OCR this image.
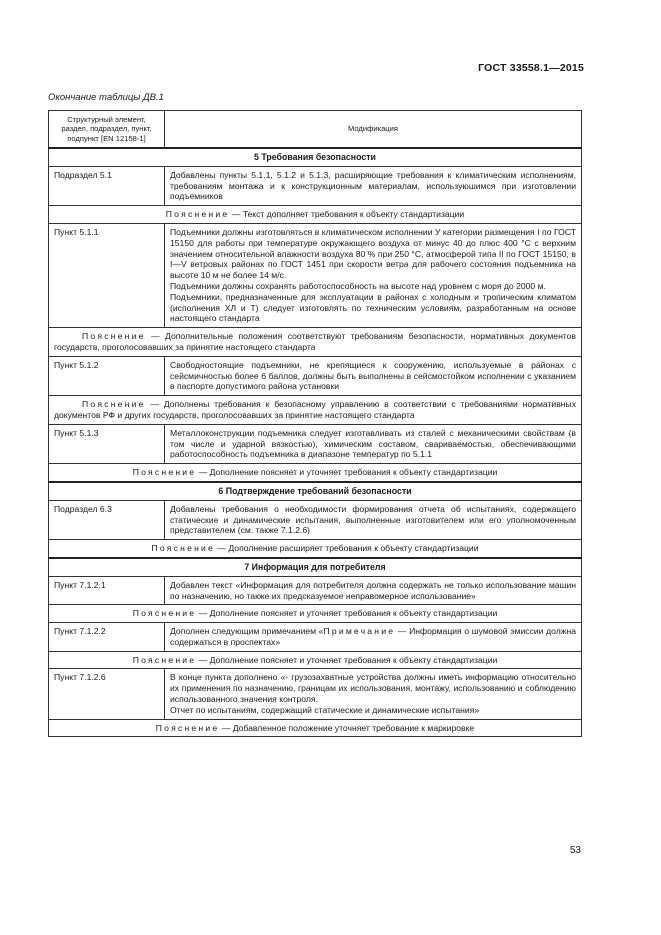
ГОСТ 33558.1—2015
Окончание таблицы ДВ.1
Структурный элемент, раздел, подраздел, пункт, подпункт [EN 12158-1]	Модификация
5 Требования безопасности	
Подраздел 5.1	Добавлены пункты 5.1.1, 5.1.2 и 5.1.3, расширяющие требования к климатическим исполнениям, требованиям монтажа и к конструкционным материалам, используюшимся при изготовлении подъемников

Пояснение — Текст дополняет требования к объекту стандартизации	
Пункт 5.1.1	Подъемники должны изготовляться в климатическом исполнении У категории размещения I по ГОСТ 15150 для работы при температуре окружающего воздуха от минус 40 до плюс 400 °С с верхним значением относительной влажности воздуха 80 % при 250 °С, атмосферой типа II по ГОСТ 15150, в I—V ветровых районах по ГОСТ 1451 при скорости ветра для рабочего состояния подъемника на высоте 10 м не более 14 м/с.

Подъемники должны сохранять работоспособность на высоте над уровнем с моря до 2000 м.

Подъемники, предназначенные для эксплуатации в районах с холодным и тропическим климатом (исполнения ХЛ и Т) следует изготовлять по техническим условиям, разработанным на основе настоящего стандарта

Пояснение — Дополнительные положения соответствуют требованиям безопасности, нормативных документов государств, проголосовавших за принятие настоящего стандарта	
Пункт 5.1.2	Свободностоящие подъемники, не крепящиеся к сооружению, используемые в районах с сейсмичностью более 6 баллов, должны быть выполнены в сейсмостойком исполнении с указанием в паспорте допустимого района установки

Пояснение — Дополнены требования к безопасному управлению в соответствии с требованиями нормативных документов РФ и других государств, проголосовавших за принятие настоящего стандарта	
Пункт 5.1.3	Металлоконструкции подъемника следует изготавливать из сталей с механическими свойствам (в том числе и ударной вязкостью), химическим составом, свариваемостью, обеспечивающими работоспособность подъемника в диапазоне температур по 5.1.1

Пояснение — Дополнение поясняет и уточняет требования к объекту стандартизации	
6 Подтверждение требований безопасности	
Подраздел 6.3	Добавлены требования о необходимости формирования отчета об испытаниях, содержащего статические и динамические испытания, выполненные изготовителем или его уполномоченным представителем (см. также 7.1.2.6)

Пояснение — Дополнение расширяет требования к объекту стандартизации	
7 Информация для потребителя	
Пункт 7.1.2.1	Добавлен текст «Информация для потребителя должна содержать не только использование машин по назначению, но также их предсказуемое неправомерное использование»

Пояснение — Дополнение поясняет и уточняет требования к объекту стандартизации	
Пункт 7.1.2.2	Дополнен следующим примечанием «Примечание — Информация о шумовой эмиссии должна содержаться в проспектах»

Пояснение — Дополнение поясняет и уточняет требования к объекту стандартизации	
Пункт 7.1.2.6	В конце пункта дополнено «- грузозахватные устройства должны иметь информацию относительно их применения по назначению, границам их использования, монтажу, использованию и соблюдению использованного значения контроля.

Отчет по испытаниям, содержащий статические и динамические испытания»

Пояснение — Добавленное положение уточняет требование к маркировке	
53
